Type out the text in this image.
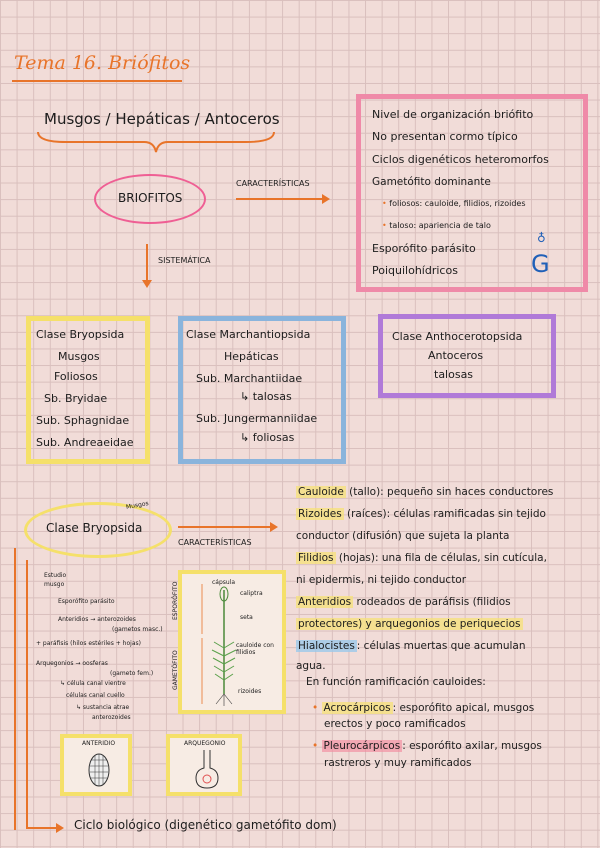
Tema 16. Briófitos
Musgos / Hepáticas / Antoceros
BRIOFITOS
CARACTERÍSTICAS
SISTEMÁTICA
Nivel de organización briófito
No presentan cormo típico
Ciclos digenéticos heteromorfos
Gametófito dominante
• foliosos: cauloide, filidios, rizoides
• taloso: apariencia de talo
Esporófito parásito
Poiquilohídricos	G
♁
Clase Bryopsida
Musgos
Foliosos
Sb. Bryidae
Sub. Sphagnidae
Sub. Andreaeidae
Clase Marchantiopsida
Hepáticas
Sub. Marchantiidae
↳ talosas
Sub. Jungermanniidae
↳ foliosas
Clase Anthocerotopsida
Antoceros
talosas
Clase Bryopsida
Musgos
CARACTERÍSTICAS
Cauloide (tallo): pequeño sin haces conductores
Rizoides (raíces): células ramificadas sin tejido
conductor (difusión) que sujeta la planta
Filidios (hojas): una fila de células, sin cutícula,
ni epidermis, ni tejido conductor
Anteridios rodeados de paráfisis (filidios
protectores) y arquegonios de periquecios
Hialocistes : células muertas que acumulan
agua.
En función ramificación cauloides:
• Acrocárpicos : esporófito apical, musgos
erectos y poco ramificados
• Pleurocárpicos : esporófito axilar, musgos
rastreros y muy ramificados
Estudio
musgo
Esporófito parásito
Anteridios → anterozoides
(gametos masc.)
+ paráfisis (hilos estériles + hojas)
Arquegonios → oosferas
(gameto fem.)
↳ célula canal vientre
células canal cuello
↳ sustancia atrae
anterozoides
ESPORÓFITO
GAMETÓFITO
cápsula
caliptra
seta
cauloide con filidios
rizoides
ANTERIDIO	ARQUEGONIO
Ciclo biológico (digenético gametófito dom)
